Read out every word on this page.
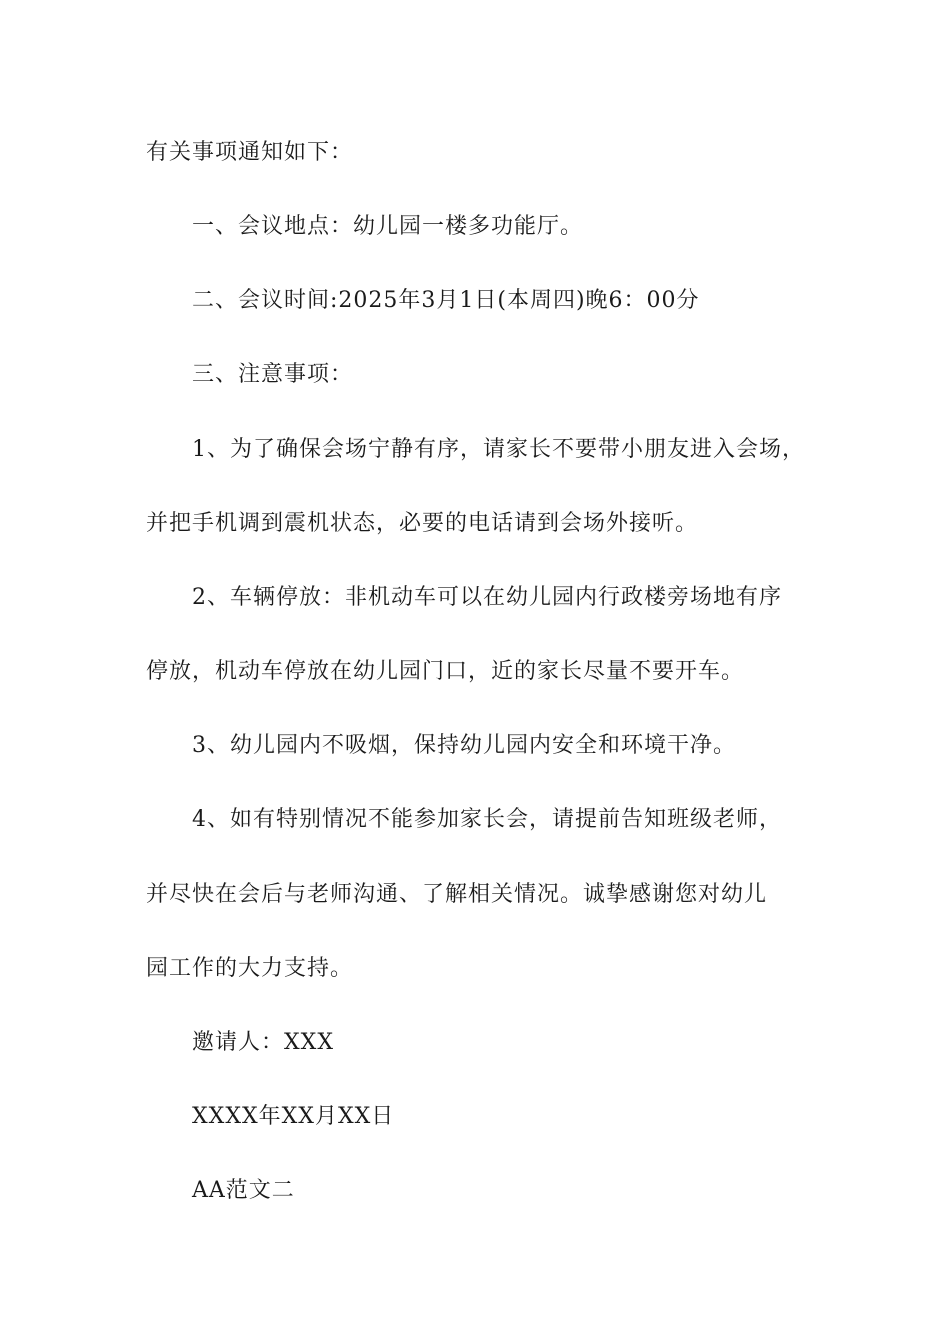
有关事项通知如下：
一、会议地点：幼儿园一楼多功能厅。
二、会议时间:2025年3月1日(本周四)晚6：00分
三、注意事项：
1、为了确保会场宁静有序，请家长不要带小朋友进入会场，
并把手机调到震机状态，必要的电话请到会场外接听。
2、车辆停放：非机动车可以在幼儿园内行政楼旁场地有序
停放，机动车停放在幼儿园门口，近的家长尽量不要开车。
3、幼儿园内不吸烟，保持幼儿园内安全和环境干净。
4、如有特别情况不能参加家长会，请提前告知班级老师，
并尽快在会后与老师沟通、了解相关情况。诚挚感谢您对幼儿
园工作的大力支持。
邀请人：XXX
XXXX年XX月XX日
AA范文二
